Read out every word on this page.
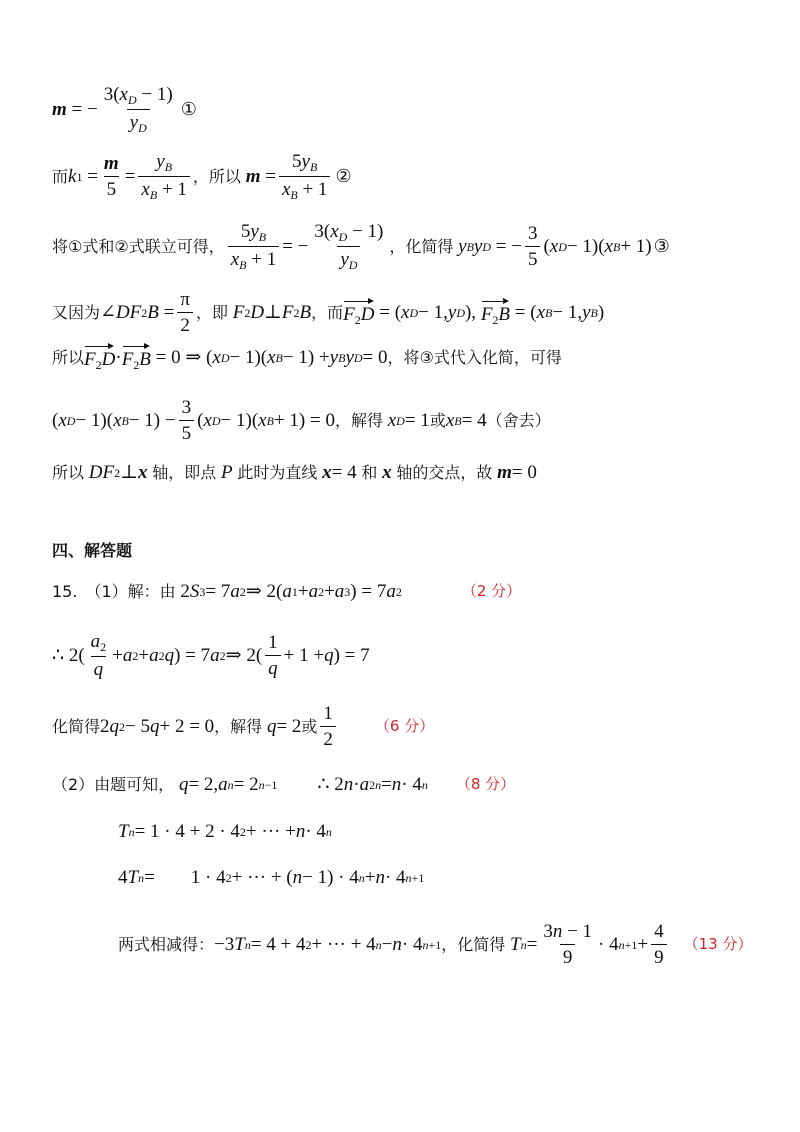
m = − $\frac{3(x_D - 1)}{y_D}$ ①
而 k $1 = \frac{m}{5} = \frac{y_B}{x_B + 1}$ ，所以
$m = \frac{5y_B}{x_B + 1}$ ②
将①式和②式联立可得， $\frac{5y_B}{x_B + 1}$ = − $\frac{3(x_D - 1)}{y_D}$ ，化简得
y B y D = − $\frac{3}{5}$ ( x D − 1)( x B + 1) ③
又因为 ∠ DF 2 $B = \frac{\pi}{2}$ ，即
F 2 D ⊥ F 2 B ，而 $F_2D$ = ( x D − 1, y D ), $F_2B$ = ( x B − 1, y B )
所以 $F_2D \cdot F_2B = 0$ ⇒ ( x D − 1)( x B − 1) + y B y D = 0 ，将③式代入化简，可得
( x D − 1)( x $B - 1) - \frac{3}{5}$ ( x D − 1)( x B + 1) = 0 ，解得
x D = 1 或 x B = 4 （舍去）
所以
DF 2 ⊥ x
轴，即点
P
此时为直线
x = 4 和
x
轴的交点，故
m = 0
四、解答题
15. （1）解：由 2 S 3 = 7 a 2 ⇒ 2( a 1 + a 2 + a 3 ) = 7 a 2	（2 分）
∴ 2(
$a_2$
q
+ a 2 + a 2 q ) = 7 a 2 ⇒ 2(
1
q
+ 1 + q ) = 7
化简得 2 q 2 − 5 q + 2 = 0 ，解得
q = 2 或
1
2
（6 分）
（2）由题可知，
q = 2, a n = 2 n−1 ∴ 2 n · a 2n = n · 4 n （8 分）
T n = 1 · 4 + 2 · 4 2 + ··· + n · 4 n
4 T n = 1 · 4 2 + ··· + ( n − 1) · 4 n + n · 4 n+1
两式相减得： −3 T n = 4 + 4 2 + ··· + 4 n − n · 4 n+1 ，化简得
T $n = \frac{3n - 1}{9} \cdot 4$ $n+1 + \frac{4}{9} (13$ 分）
